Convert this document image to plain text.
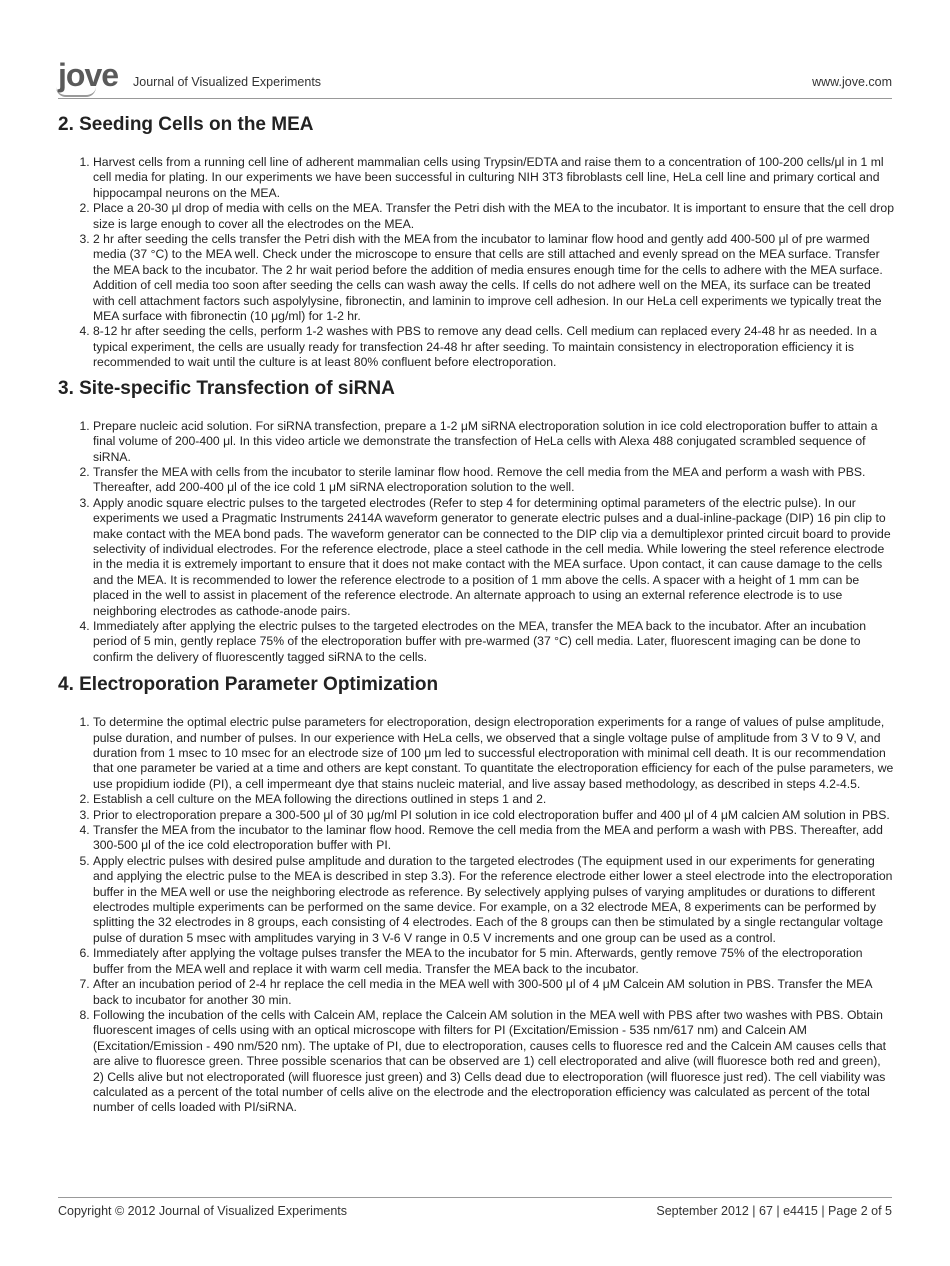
jove Journal of Visualized Experiments	www.jove.com
2. Seeding Cells on the MEA
1. Harvest cells from a running cell line of adherent mammalian cells using Trypsin/EDTA and raise them to a concentration of 100-200 cells/μl in 1 ml cell media for plating. In our experiments we have been successful in culturing NIH 3T3 fibroblasts cell line, HeLa cell line and primary cortical and hippocampal neurons on the MEA.
2. Place a 20-30 μl drop of media with cells on the MEA. Transfer the Petri dish with the MEA to the incubator. It is important to ensure that the cell drop size is large enough to cover all the electrodes on the MEA.
3. 2 hr after seeding the cells transfer the Petri dish with the MEA from the incubator to laminar flow hood and gently add 400-500 μl of pre warmed media (37 °C) to the MEA well. Check under the microscope to ensure that cells are still attached and evenly spread on the MEA surface. Transfer the MEA back to the incubator. The 2 hr wait period before the addition of media ensures enough time for the cells to adhere with the MEA surface. Addition of cell media too soon after seeding the cells can wash away the cells. If cells do not adhere well on the MEA, its surface can be treated with cell attachment factors such aspolylysine, fibronectin, and laminin to improve cell adhesion. In our HeLa cell experiments we typically treat the MEA surface with fibronectin (10 μg/ml) for 1-2 hr.
4. 8-12 hr after seeding the cells, perform 1-2 washes with PBS to remove any dead cells. Cell medium can replaced every 24-48 hr as needed. In a typical experiment, the cells are usually ready for transfection 24-48 hr after seeding. To maintain consistency in electroporation efficiency it is recommended to wait until the culture is at least 80% confluent before electroporation.
3. Site-specific Transfection of siRNA
1. Prepare nucleic acid solution. For siRNA transfection, prepare a 1-2 μM siRNA electroporation solution in ice cold electroporation buffer to attain a final volume of 200-400 μl. In this video article we demonstrate the transfection of HeLa cells with Alexa 488 conjugated scrambled sequence of siRNA.
2. Transfer the MEA with cells from the incubator to sterile laminar flow hood. Remove the cell media from the MEA and perform a wash with PBS. Thereafter, add 200-400 μl of the ice cold 1 μM siRNA electroporation solution to the well.
3. Apply anodic square electric pulses to the targeted electrodes (Refer to step 4 for determining optimal parameters of the electric pulse). In our experiments we used a Pragmatic Instruments 2414A waveform generator to generate electric pulses and a dual-inline-package (DIP) 16 pin clip to make contact with the MEA bond pads. The waveform generator can be connected to the DIP clip via a demultiplexor printed circuit board to provide selectivity of individual electrodes. For the reference electrode, place a steel cathode in the cell media. While lowering the steel reference electrode in the media it is extremely important to ensure that it does not make contact with the MEA surface. Upon contact, it can cause damage to the cells and the MEA. It is recommended to lower the reference electrode to a position of 1 mm above the cells. A spacer with a height of 1 mm can be placed in the well to assist in placement of the reference electrode. An alternate approach to using an external reference electrode is to use neighboring electrodes as cathode-anode pairs.
4. Immediately after applying the electric pulses to the targeted electrodes on the MEA, transfer the MEA back to the incubator. After an incubation period of 5 min, gently replace 75% of the electroporation buffer with pre-warmed (37 °C) cell media. Later, fluorescent imaging can be done to confirm the delivery of fluorescently tagged siRNA to the cells.
4. Electroporation Parameter Optimization
1. To determine the optimal electric pulse parameters for electroporation, design electroporation experiments for a range of values of pulse amplitude, pulse duration, and number of pulses. In our experience with HeLa cells, we observed that a single voltage pulse of amplitude from 3 V to 9 V, and duration from 1 msec to 10 msec for an electrode size of 100 μm led to successful electroporation with minimal cell death. It is our recommendation that one parameter be varied at a time and others are kept constant. To quantitate the electroporation efficiency for each of the pulse parameters, we use propidium iodide (PI), a cell impermeant dye that stains nucleic material, and live assay based methodology, as described in steps 4.2-4.5.
2. Establish a cell culture on the MEA following the directions outlined in steps 1 and 2.
3. Prior to electroporation prepare a 300-500 μl of 30 μg/ml PI solution in ice cold electroporation buffer and 400 μl of 4 μM calcien AM solution in PBS.
4. Transfer the MEA from the incubator to the laminar flow hood. Remove the cell media from the MEA and perform a wash with PBS. Thereafter, add 300-500 μl of the ice cold electroporation buffer with PI.
5. Apply electric pulses with desired pulse amplitude and duration to the targeted electrodes (The equipment used in our experiments for generating and applying the electric pulse to the MEA is described in step 3.3). For the reference electrode either lower a steel electrode into the electroporation buffer in the MEA well or use the neighboring electrode as reference. By selectively applying pulses of varying amplitudes or durations to different electrodes multiple experiments can be performed on the same device. For example, on a 32 electrode MEA, 8 experiments can be performed by splitting the 32 electrodes in 8 groups, each consisting of 4 electrodes. Each of the 8 groups can then be stimulated by a single rectangular voltage pulse of duration 5 msec with amplitudes varying in 3 V-6 V range in 0.5 V increments and one group can be used as a control.
6. Immediately after applying the voltage pulses transfer the MEA to the incubator for 5 min. Afterwards, gently remove 75% of the electroporation buffer from the MEA well and replace it with warm cell media. Transfer the MEA back to the incubator.
7. After an incubation period of 2-4 hr replace the cell media in the MEA well with 300-500 μl of 4 μM Calcein AM solution in PBS. Transfer the MEA back to incubator for another 30 min.
8. Following the incubation of the cells with Calcein AM, replace the Calcein AM solution in the MEA well with PBS after two washes with PBS. Obtain fluorescent images of cells using with an optical microscope with filters for PI (Excitation/Emission - 535 nm/617 nm) and Calcein AM (Excitation/Emission - 490 nm/520 nm). The uptake of PI, due to electroporation, causes cells to fluoresce red and the Calcein AM causes cells that are alive to fluoresce green. Three possible scenarios that can be observed are 1) cell electroporated and alive (will fluoresce both red and green), 2) Cells alive but not electroporated (will fluoresce just green) and 3) Cells dead due to electroporation (will fluoresce just red). The cell viability was calculated as a percent of the total number of cells alive on the electrode and the electroporation efficiency was calculated as percent of the total number of cells loaded with PI/siRNA.
Copyright © 2012 Journal of Visualized Experiments	September 2012 | 67 | e4415 | Page 2 of 5
